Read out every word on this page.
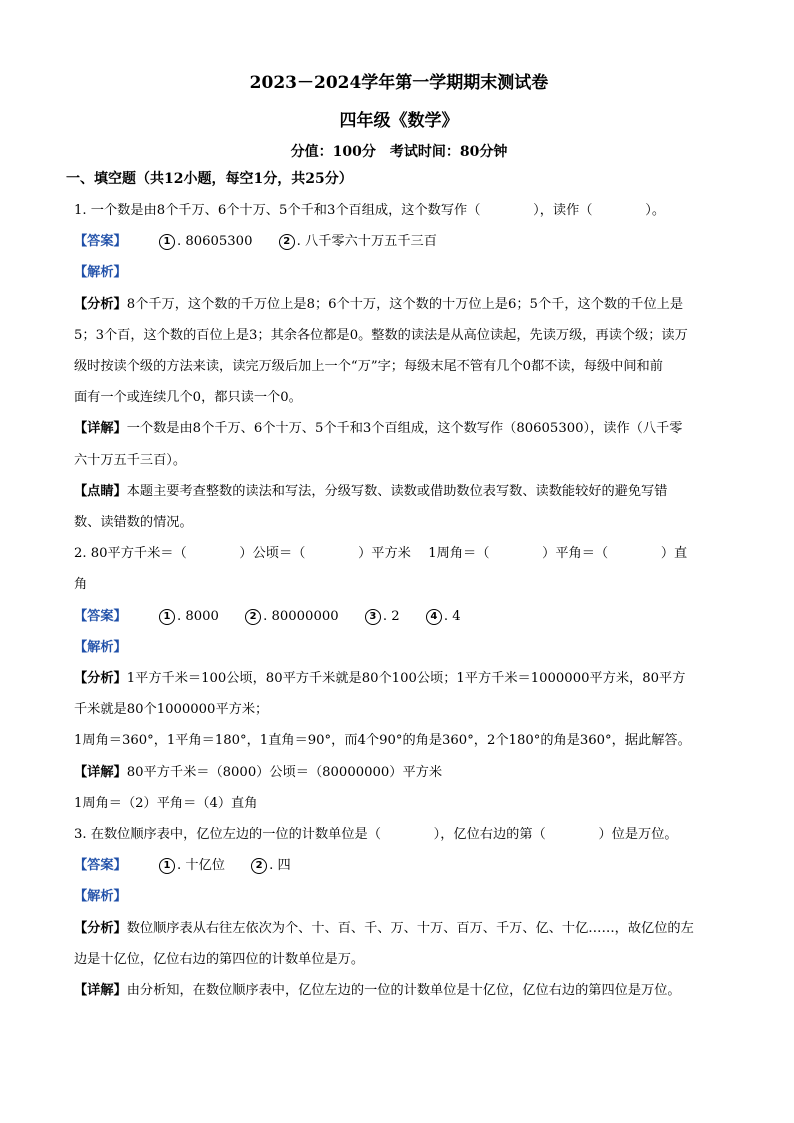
2023－2024学年第一学期期末测试卷
四年级《数学》
分值：100分　考试时间：80分钟
一、填空题（共12小题，每空1分，共25分）
1. 一个数是由8个千万、6个十万、5个千和3个百组成，这个数写作（　　　　），读作（　　　　）。
【答案】	1 . 80605300	2 . 八千零六十万五千三百
【解析】
【分析】8个千万，这个数的千万位上是8；6个十万，这个数的十万位上是6；5个千，这个数的千位上是
5；3个百，这个数的百位上是3；其余各位都是0。整数的读法是从高位读起，先读万级，再读个级；读万
级时按读个级的方法来读，读完万级后加上一个“万”字；每级末尾不管有几个0都不读，每级中间和前
面有一个或连续几个0，都只读一个0。
【详解】一个数是由8个千万、6个十万、5个千和3个百组成，这个数写作（80605300），读作（八千零
六十万五千三百）。
【点睛】本题主要考查整数的读法和写法，分级写数、读数或借助数位表写数、读数能较好的避免写错
数、读错数的情况。
2. 80平方千米＝（　　　　）公顷＝（　　　　）平方米　 1周角＝（　　　　）平角＝（　　　　）直
角
【答案】	1 . 8000	2 . 80000000	3 . 2	4 . 4
【解析】
【分析】1平方千米＝100公顷，80平方千米就是80个100公顷；1平方千米＝1000000平方米，80平方
千米就是80个1000000平方米；
1周角＝360°，1平角＝180°，1直角＝90°，而4个90°的角是360°，2个180°的角是360°，据此解答。
【详解】80平方千米＝（8000）公顷＝（80000000）平方米
1周角＝（2）平角＝（4）直角
3. 在数位顺序表中，亿位左边的一位的计数单位是（　　　　），亿位右边的第（　　　　）位是万位。
【答案】	1 . 十亿位	2 . 四
【解析】
【分析】数位顺序表从右往左依次为个、十、百、千、万、十万、百万、千万、亿、十亿……，故亿位的左
边是十亿位，亿位右边的第四位的计数单位是万。
【详解】由分析知，在数位顺序表中，亿位左边的一位的计数单位是十亿位，亿位右边的第四位是万位。
